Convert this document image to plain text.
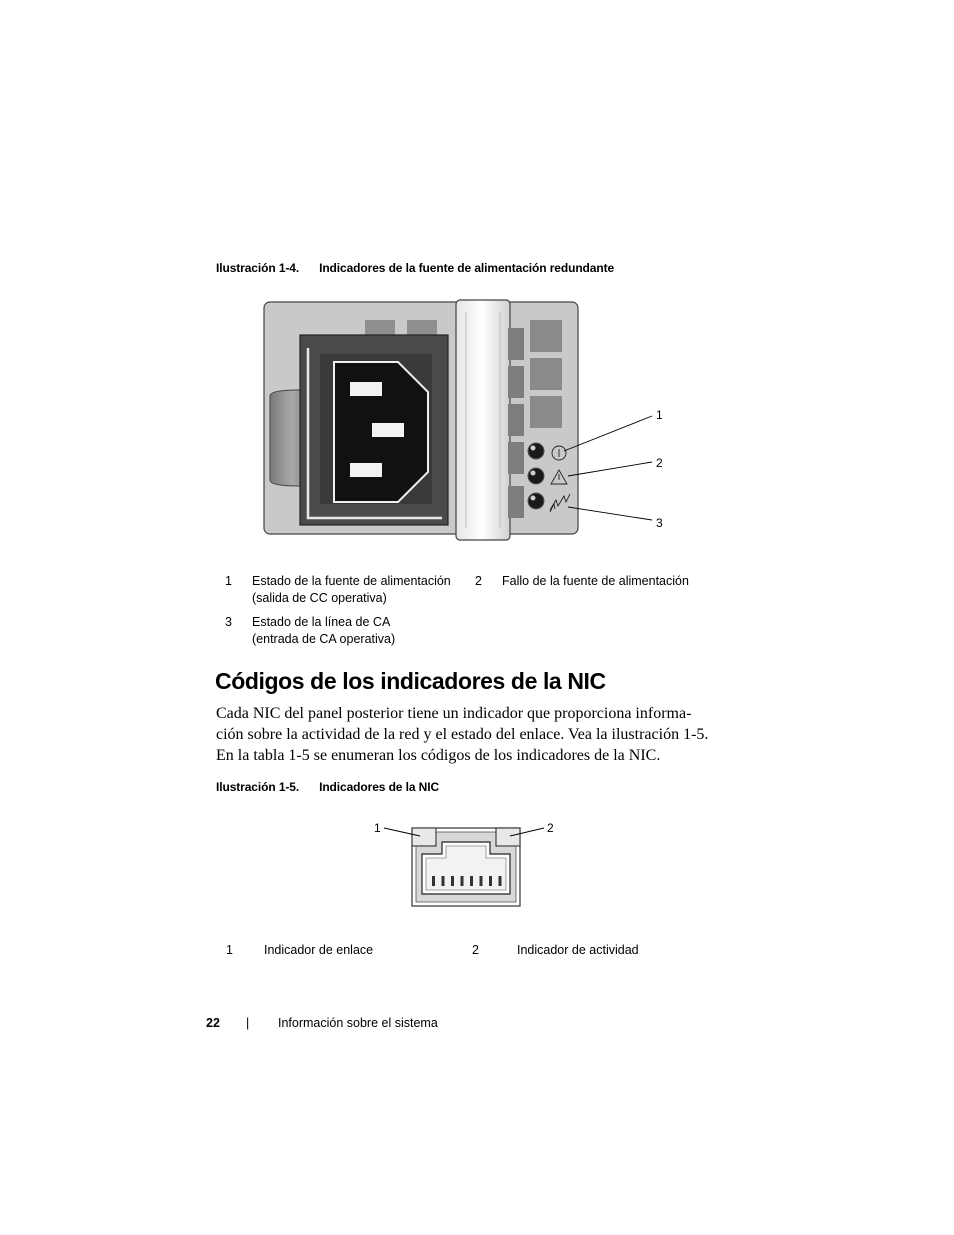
Ilustración 1-4. Indicadores de la fuente de alimentación redundante
1
2
3
1 Estado de la fuente de alimentación
(salida de CC operativa)
2 Fallo de la fuente de alimentación
3 Estado de la línea de CA
(entrada de CA operativa)
Códigos de los indicadores de la NIC
Cada NIC del panel posterior tiene un indicador que proporciona informa-
ción sobre la actividad de la red y el estado del enlace. Vea la ilustración 1-5.
En la tabla 1-5 se enumeran los códigos de los indicadores de la NIC.
Ilustración 1-5. Indicadores de la NIC
1	2
1 Indicador de enlace	2	Indicador de actividad
22 | Información sobre el sistema
